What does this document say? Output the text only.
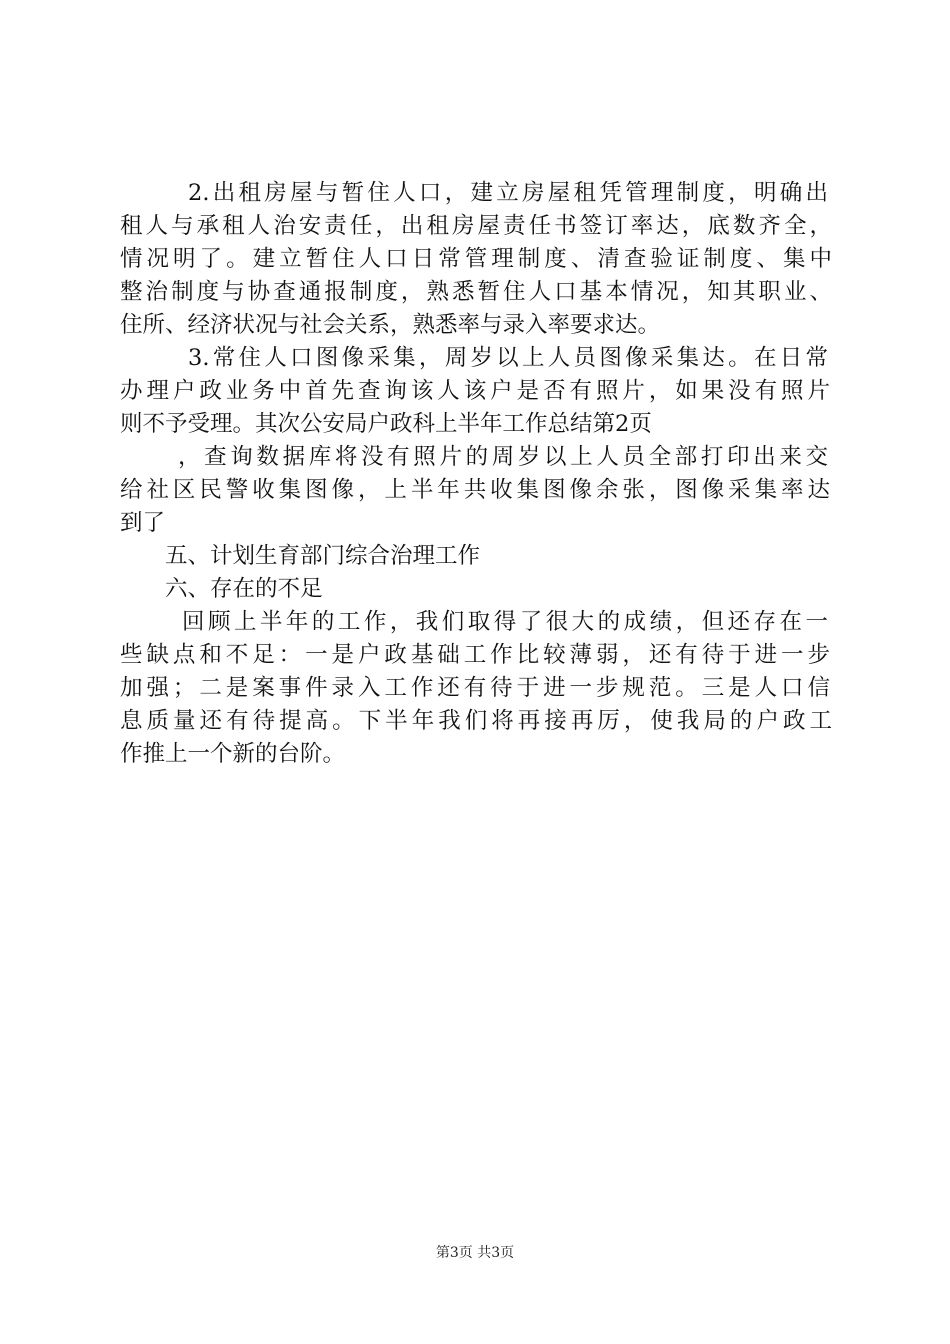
2.出租房屋与暂住人口，建立房屋租凭管理制度，明确出
租人与承租人治安责任，出租房屋责任书签订率达，底数齐全，
情况明了。建立暂住人口日常管理制度、清查验证制度、集中
整治制度与协查通报制度，熟悉暂住人口基本情况，知其职业、
住所、经济状况与社会关系，熟悉率与录入率要求达。
3.常住人口图像采集，周岁以上人员图像采集达。在日常
办理户政业务中首先查询该人该户是否有照片，如果没有照片
则不予受理。其次公安局户政科上半年工作总结第2页
，查询数据库将没有照片的周岁以上人员全部打印出来交
给社区民警收集图像，上半年共收集图像余张，图像采集率达
到了
五、计划生育部门综合治理工作
六、存在的不足
回顾上半年的工作，我们取得了很大的成绩，但还存在一
些缺点和不足：一是户政基础工作比较薄弱，还有待于进一步
加强；二是案事件录入工作还有待于进一步规范。三是人口信
息质量还有待提高。下半年我们将再接再厉，使我局的户政工
作推上一个新的台阶。
第3页 共3页
